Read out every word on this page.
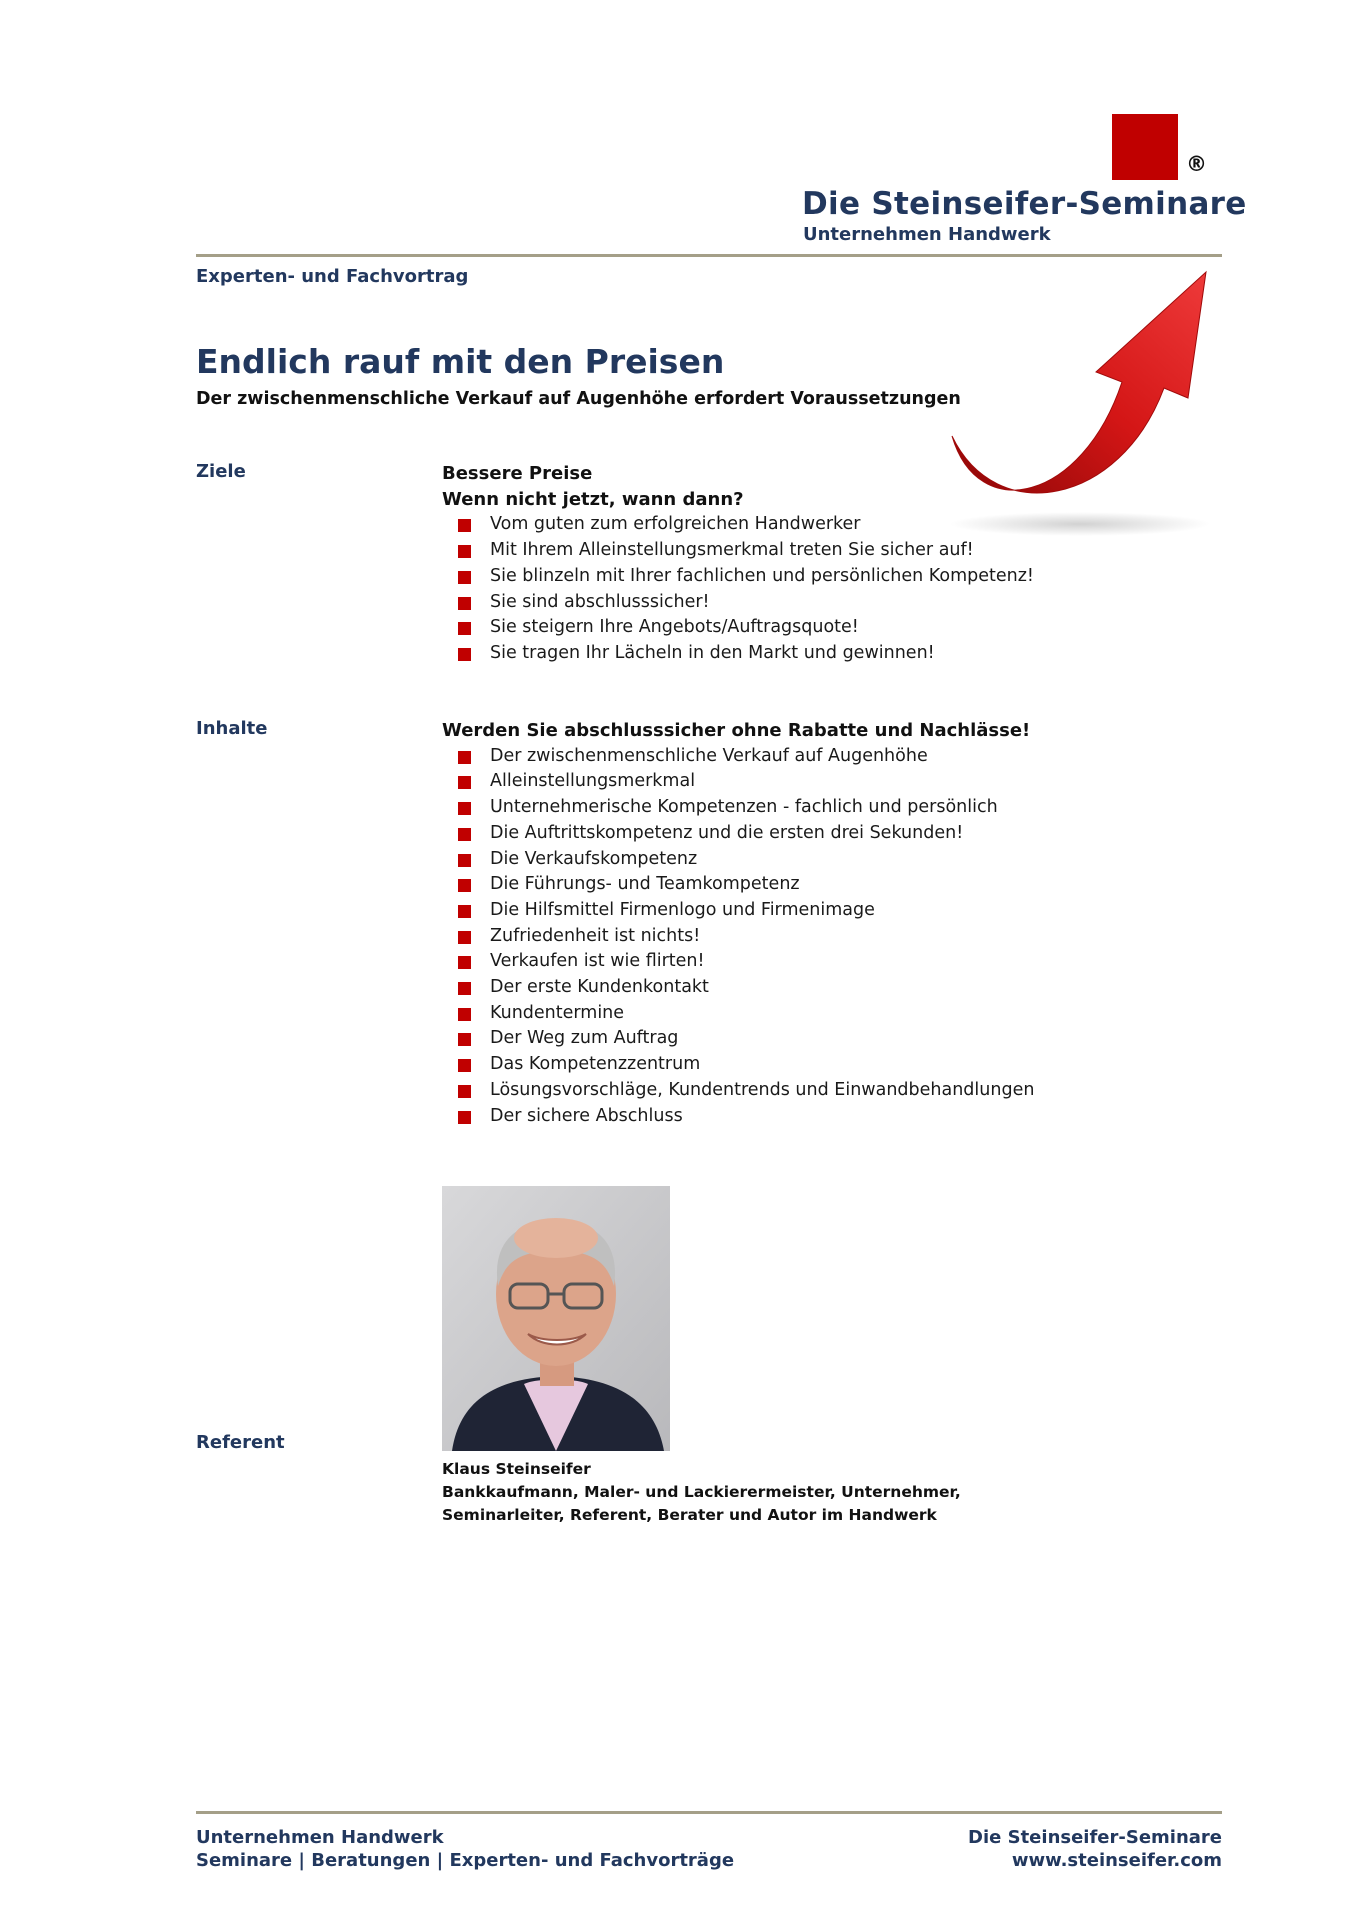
®
Die Steinseifer-Seminare
Unternehmen Handwerk
Experten- und Fachvortrag
Endlich rauf mit den Preisen
Der zwischenmenschliche Verkauf auf Augenhöhe erfordert Voraussetzungen
Ziele	Bessere Preise
Wenn nicht jetzt, wann dann?
Vom guten zum erfolgreichen Handwerker
Mit Ihrem Alleinstellungsmerkmal treten Sie sicher auf!
Sie blinzeln mit Ihrer fachlichen und persönlichen Kompetenz!
Sie sind abschlusssicher!
Sie steigern Ihre Angebots/Auftragsquote!
Sie tragen Ihr Lächeln in den Markt und gewinnen!
Inhalte	Werden Sie abschlusssicher ohne Rabatte und Nachlässe!
Der zwischenmenschliche Verkauf auf Augenhöhe
Alleinstellungsmerkmal
Unternehmerische Kompetenzen - fachlich und persönlich
Die Auftrittskompetenz und die ersten drei Sekunden!
Die Verkaufskompetenz
Die Führungs- und Teamkompetenz
Die Hilfsmittel Firmenlogo und Firmenimage
Zufriedenheit ist nichts!
Verkaufen ist wie flirten!
Der erste Kundenkontakt
Kundentermine
Der Weg zum Auftrag
Das Kompetenzzentrum
Lösungsvorschläge, Kundentrends und Einwandbehandlungen
Der sichere Abschluss
Referent
Klaus Steinseifer
Bankkaufmann, Maler- und Lackierermeister, Unternehmer,
Seminarleiter, Referent, Berater und Autor im Handwerk
Unternehmen Handwerk
Seminare | Beratungen | Experten- und Fachvorträge
Die Steinseifer-Seminare
www.steinseifer.com
